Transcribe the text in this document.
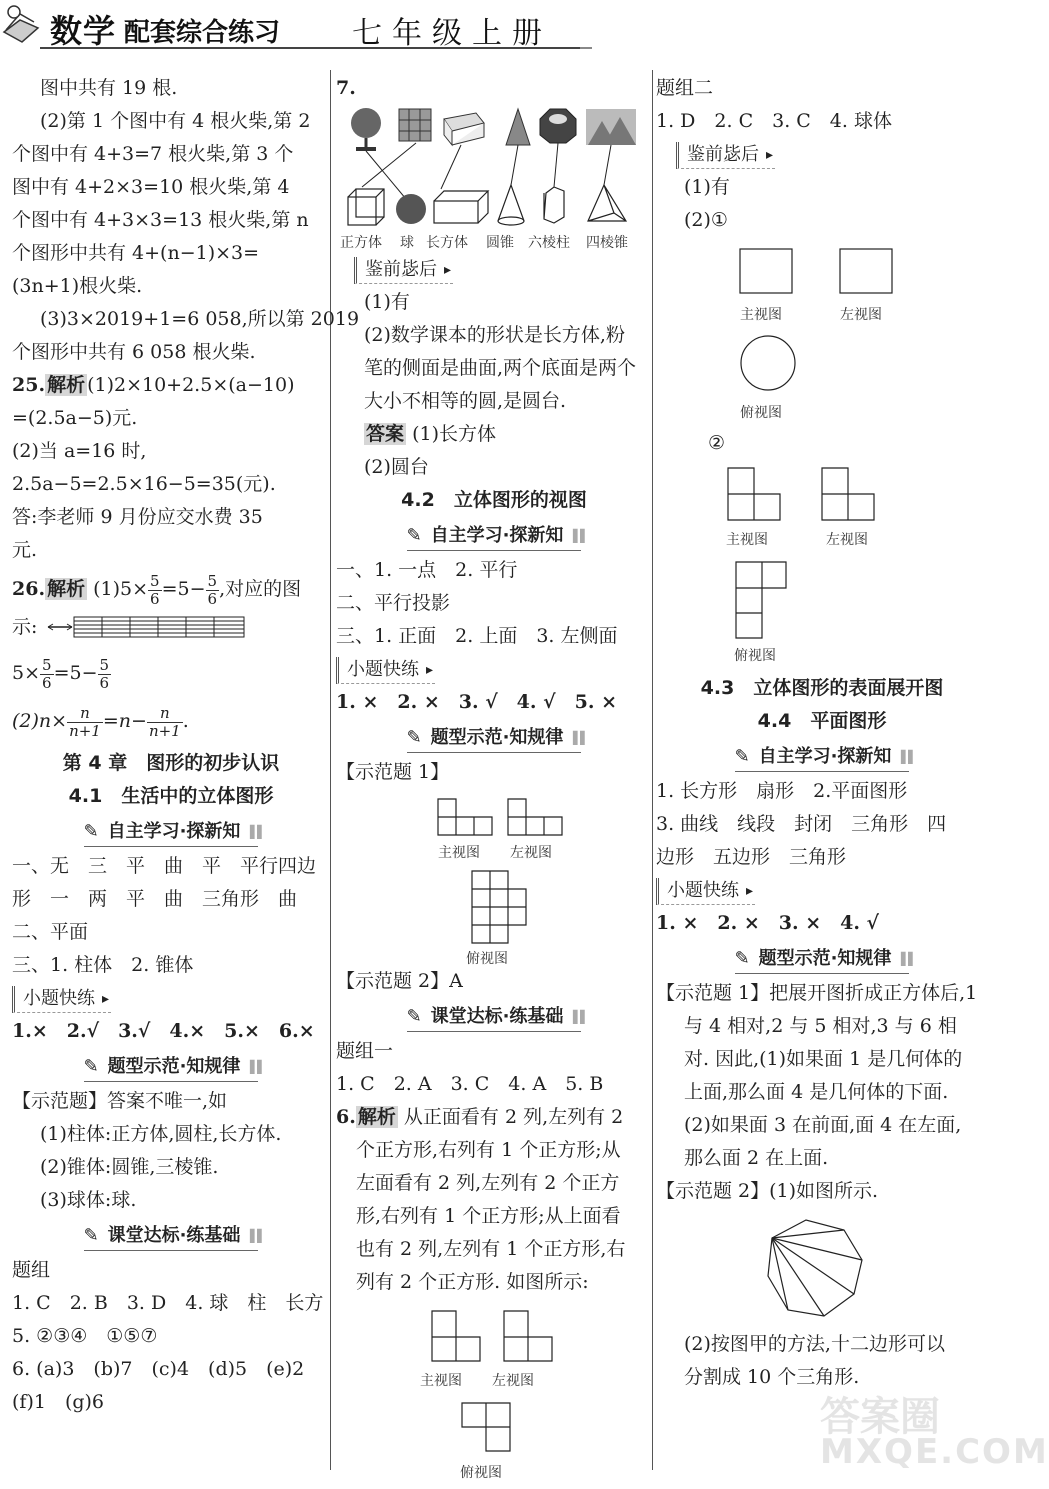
数学 配套综合练习 七年级上册
图中共有 19 根.
(2)第 1 个图中有 4 根火柴,第 2
个图中有 4+3=7 根火柴,第 3 个
图中有 4+2×3=10 根火柴,第 4
个图中有 4+3×3=13 根火柴,第 n
个图形中共有 4+(n−1)×3=
(3n+1)根火柴.
(3)3×2019+1=6 058,所以第 2019
个图形中共有 6 058 根火柴.
25. 解析 (1)2×10+2.5×(a−10)
=(2.5a−5)元.
(2)当 a=16 时,
2.5a−5=2.5×16−5=35(元).
答:李老师 9 月份应交水费 35
元.
26. 解析 $(1)5\times \frac{5}{6} =5- \frac{5}{6}$ ,对应的图
示:
$5\times \frac{5}{6} =5- \frac{5}{6}$
$(2)n\times \frac{n}{n+1} =n- \frac{n}{n+1}$ .
第 4 章　图形的初步认识
4.1　生活中的立体图形
✎ 自主学习·探新知 ▌▌
一、无　三　平　曲　平　平行四边
形　一　两　平　曲　三角形　曲
二、平面
三、1. 柱体　2. 锥体
小题快练 ▸
1.×　2.√　3.√　4.×　5.×　6.×
✎ 题型示范·知规律 ▌▌
【示范题】答案不唯一,如
(1)柱体:正方体,圆柱,长方体.
(2)锥体:圆锥,三棱锥.
(3)球体:球.
✎ 课堂达标·练基础 ▌▌
题组
1. C　2. B　3. D　4. 球　柱　长方
5. ②③④　①⑤⑦
6. (a)3　(b)7　(c)4　(d)5　(e)2
(f)1　(g)6
7.
正方体 球 长方体 圆锥 六棱柱 四棱锥
鉴前毖后 ▸
(1)有
(2)数学课本的形状是长方体,粉
笔的侧面是曲面,两个底面是两个
大小不相等的圆,是圆台.
答案 (1)长方体
(2)圆台
4.2　立体图形的视图
✎ 自主学习·探新知 ▌▌
一、1. 一点　2. 平行
二、平行投影
三、1. 正面　2. 上面　3. 左侧面
小题快练 ▸
1. ×　2. ×　3. √　4. √　5. ×
✎ 题型示范·知规律 ▌▌
【示范题 1】
主视图 左视图
俯视图
【示范题 2】A
✎ 课堂达标·练基础 ▌▌
题组一
1. C　2. A　3. C　4. A　5. B
6. 解析 从正面看有 2 列,左列有 2
个正方形,右列有 1 个正方形;从
左面看有 2 列,左列有 2 个正方
形,右列有 1 个正方形;从上面看
也有 2 列,左列有 1 个正方形,右
列有 2 个正方形. 如图所示:
主视图 左视图
俯视图
题组二
1. D　2. C　3. C　4. 球体
鉴前毖后 ▸
(1)有
(2)①
主视图	左视图
俯视图
②
主视图	左视图
俯视图
4.3　立体图形的表面展开图
4.4　平面图形
✎ 自主学习·探新知 ▌▌
1. 长方形　扇形　2.平面图形
3. 曲线　线段　封闭　三角形　四
边形　五边形　三角形
小题快练 ▸
1. ×　2. ×　3. ×　4. √
✎ 题型示范·知规律 ▌▌
【示范题 1】把展开图折成正方体后,1
与 4 相对,2 与 5 相对,3 与 6 相
对. 因此,(1)如果面 1 是几何体的
上面,那么面 4 是几何体的下面.
(2)如果面 3 在前面,面 4 在左面,
那么面 2 在上面.
【示范题 2】(1)如图所示.
(2)按图甲的方法,十二边形可以
分割成 10 个三角形.
答案圈
MXQE.COM
